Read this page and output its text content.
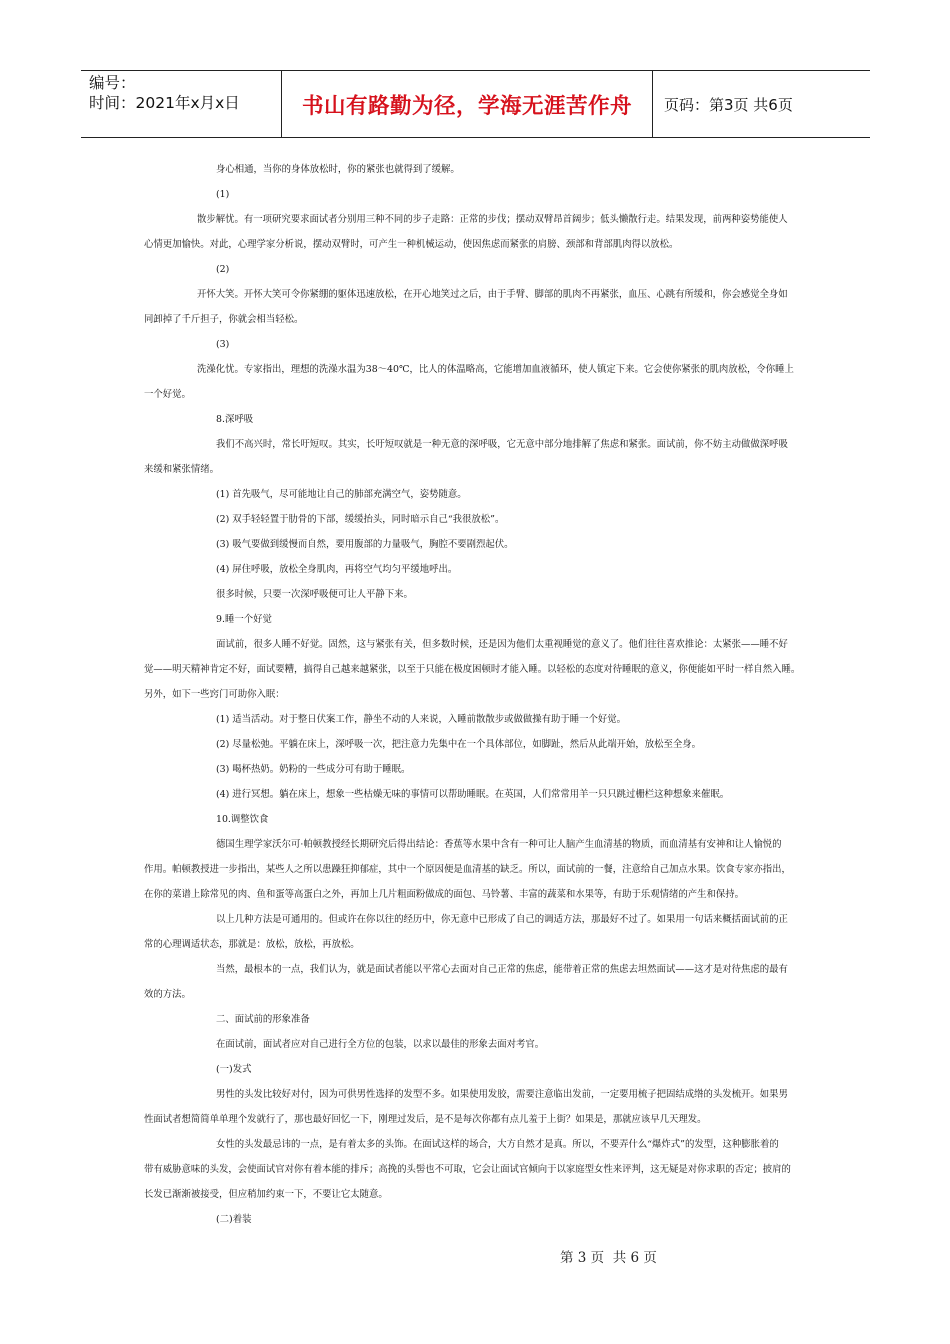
编号：
时间：2021年x月x日	书山有路勤为径，学海无涯苦作舟	页码：第3页 共6页
身心相通，当你的身体放松时，你的紧张也就得到了缓解。
(1)
散步解忧。有一项研究要求面试者分别用三种不同的步子走路：正常的步伐；摆动双臂昂首阔步；低头懒散行走。结果发现，前两种姿势能使人
心情更加愉快。对此，心理学家分析说，摆动双臂时，可产生一种机械运动，使因焦虑而紧张的肩膀、颈部和背部肌肉得以放松。
(2)
开怀大笑。开怀大笑可令你紧绷的躯体迅速放松，在开心地笑过之后，由于手臂、脚部的肌肉不再紧张，血压、心跳有所缓和，你会感觉全身如
同卸掉了千斤担子，你就会相当轻松。
(3)
洗澡化忧。专家指出，理想的洗澡水温为38～40℃，比人的体温略高，它能增加血液循环，使人镇定下来。它会使你紧张的肌肉放松，令你睡上
一个好觉。
8.深呼吸
我们不高兴时，常长吁短叹。其实，长吁短叹就是一种无意的深呼吸，它无意中部分地排解了焦虑和紧张。面试前，你不妨主动做做深呼吸
来缓和紧张情绪。
(1) 首先吸气，尽可能地让自己的肺部充满空气，姿势随意。
(2) 双手轻轻置于肋骨的下部，缓缓抬头，同时暗示自己“我很放松”。
(3) 吸气要做到缓慢而自然，要用腹部的力量吸气，胸腔不要剧烈起伏。
(4) 屏住呼吸，放松全身肌肉，再将空气均匀平缓地呼出。
很多时候，只要一次深呼吸便可让人平静下来。
9.睡一个好觉
面试前，很多人睡不好觉。固然，这与紧张有关，但多数时候，还是因为他们太重视睡觉的意义了。他们往往喜欢推论：太紧张——睡不好
觉——明天精神肯定不好，面试要糟，搞得自己越来越紧张，以至于只能在极度困顿时才能入睡。以轻松的态度对待睡眠的意义，你便能如平时一样自然入睡。
另外，如下一些窍门可助你入眠：
(1) 适当活动。对于整日伏案工作，静坐不动的人来说，入睡前散散步或做做操有助于睡一个好觉。
(2) 尽量松弛。平躺在床上，深呼吸一次，把注意力先集中在一个具体部位，如脚趾，然后从此端开始，放松至全身。
(3) 喝杯热奶。奶粉的一些成分可有助于睡眠。
(4) 进行冥想。躺在床上，想象一些枯燥无味的事情可以帮助睡眠。在英国，人们常常用羊一只只跳过栅栏这种想象来催眠。
10.调整饮食
德国生理学家沃尔可·帕顿教授经长期研究后得出结论：香蕉等水果中含有一种可让人脑产生血清基的物质，而血清基有安神和让人愉悦的
作用。帕顿教授进一步指出，某些人之所以患躁狂抑郁症，其中一个原因便是血清基的缺乏。所以，面试前的一餐，注意给自己加点水果。饮食专家亦指出，
在你的菜谱上除常见的肉、鱼和蛋等高蛋白之外，再加上几片粗面粉做成的面包、马铃薯、丰富的蔬菜和水果等，有助于乐观情绪的产生和保持。
以上几种方法是可通用的。但或许在你以往的经历中，你无意中已形成了自己的调适方法，那最好不过了。如果用一句话来概括面试前的正
常的心理调适状态，那就是：放松，放松，再放松。
当然，最根本的一点，我们认为，就是面试者能以平常心去面对自己正常的焦虑，能带着正常的焦虑去坦然面试——这才是对待焦虑的最有
效的方法。
二、面试前的形象准备
在面试前，面试者应对自己进行全方位的包装，以求以最佳的形象去面对考官。
(一)发式
男性的头发比较好对付，因为可供男性选择的发型不多。如果使用发胶，需要注意临出发前，一定要用梳子把固结成绺的头发梳开。如果男
性面试者想简简单单理个发就行了，那也最好回忆一下，刚理过发后，是不是每次你都有点儿羞于上街？如果是，那就应该早几天理发。
女性的头发最忌讳的一点，是有着太多的头饰。在面试这样的场合，大方自然才是真。所以，不要弄什么“爆炸式”的发型，这种膨胀着的
带有威胁意味的头发，会使面试官对你有着本能的排斥；高挽的头髻也不可取，它会让面试官倾向于以家庭型女性来评判，这无疑是对你求职的否定；披肩的
长发已渐渐被接受，但应稍加约束一下，不要让它太随意。
(二)着装
第 3 页  共 6 页
